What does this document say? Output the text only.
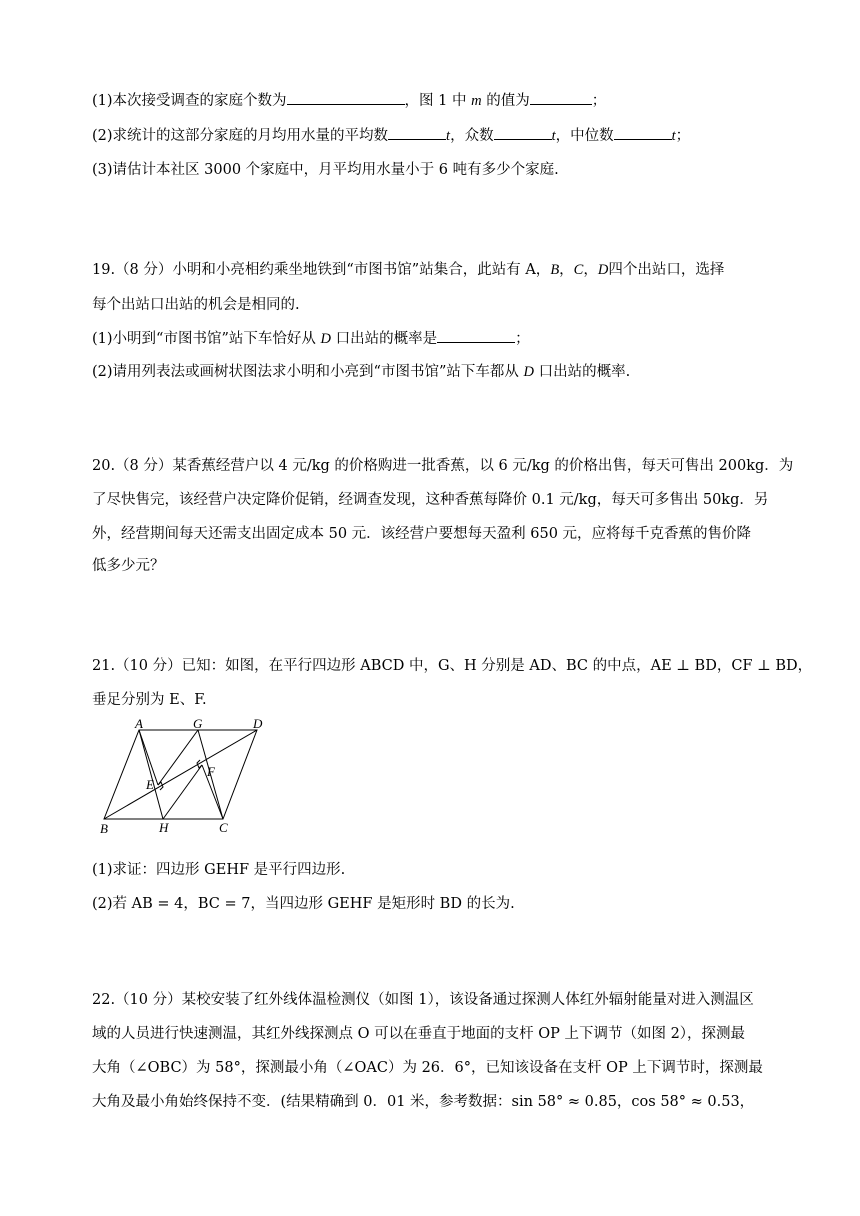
(1)本次接受调查的家庭个数为	，图 1 中 m 的值为	；
(2)求统计的这部分家庭的月均用水量的平均数	t，众数	t，中位数	t；
(3)请估计本社区 3000 个家庭中，月平均用水量小于 6 吨有多少个家庭.
19.（8 分）小明和小亮相约乘坐地铁到“市图书馆”站集合，此站有 A，B，C，D四个出站口，选择
每个出站口出站的机会是相同的.
(1)小明到“市图书馆”站下车恰好从 D 口出站的概率是	；
(2)请用列表法或画树状图法求小明和小亮到“市图书馆”站下车都从 D 口出站的概率.
20.（8 分）某香蕉经营户以 4 元/kg 的价格购进一批香蕉，以 6 元/kg 的价格出售，每天可售出 200kg．为
了尽快售完，该经营户决定降价促销，经调查发现，这种香蕉每降价 0.1 元/kg，每天可多售出 50kg．另
外，经营期间每天还需支出固定成本 50 元．该经营户要想每天盈利 650 元，应将每千克香蕉的售价降
低多少元？
21.（10 分）已知：如图，在平行四边形 ABCD 中，G、H 分别是 AD、BC 的中点，AE ⊥ BD，CF ⊥ BD，
垂足分别为 E、F.
A	G	D
E
F
B	H	C
(1)求证：四边形 GEHF 是平行四边形.
(2)若 AB = 4，BC = 7，当四边形 GEHF 是矩形时 BD 的长为.
22.（10 分）某校安装了红外线体温检测仪（如图 1），该设备通过探测人体红外辐射能量对进入测温区
域的人员进行快速测温，其红外线探测点 O 可以在垂直于地面的支杆 OP 上下调节（如图 2），探测最
大角（∠OBC）为 58°，探测最小角（∠OAC）为 26．6°，已知该设备在支杆 OP 上下调节时，探测最
大角及最小角始终保持不变．(结果精确到 0．01 米，参考数据：sin 58° ≈ 0.85，cos 58° ≈ 0.53，
